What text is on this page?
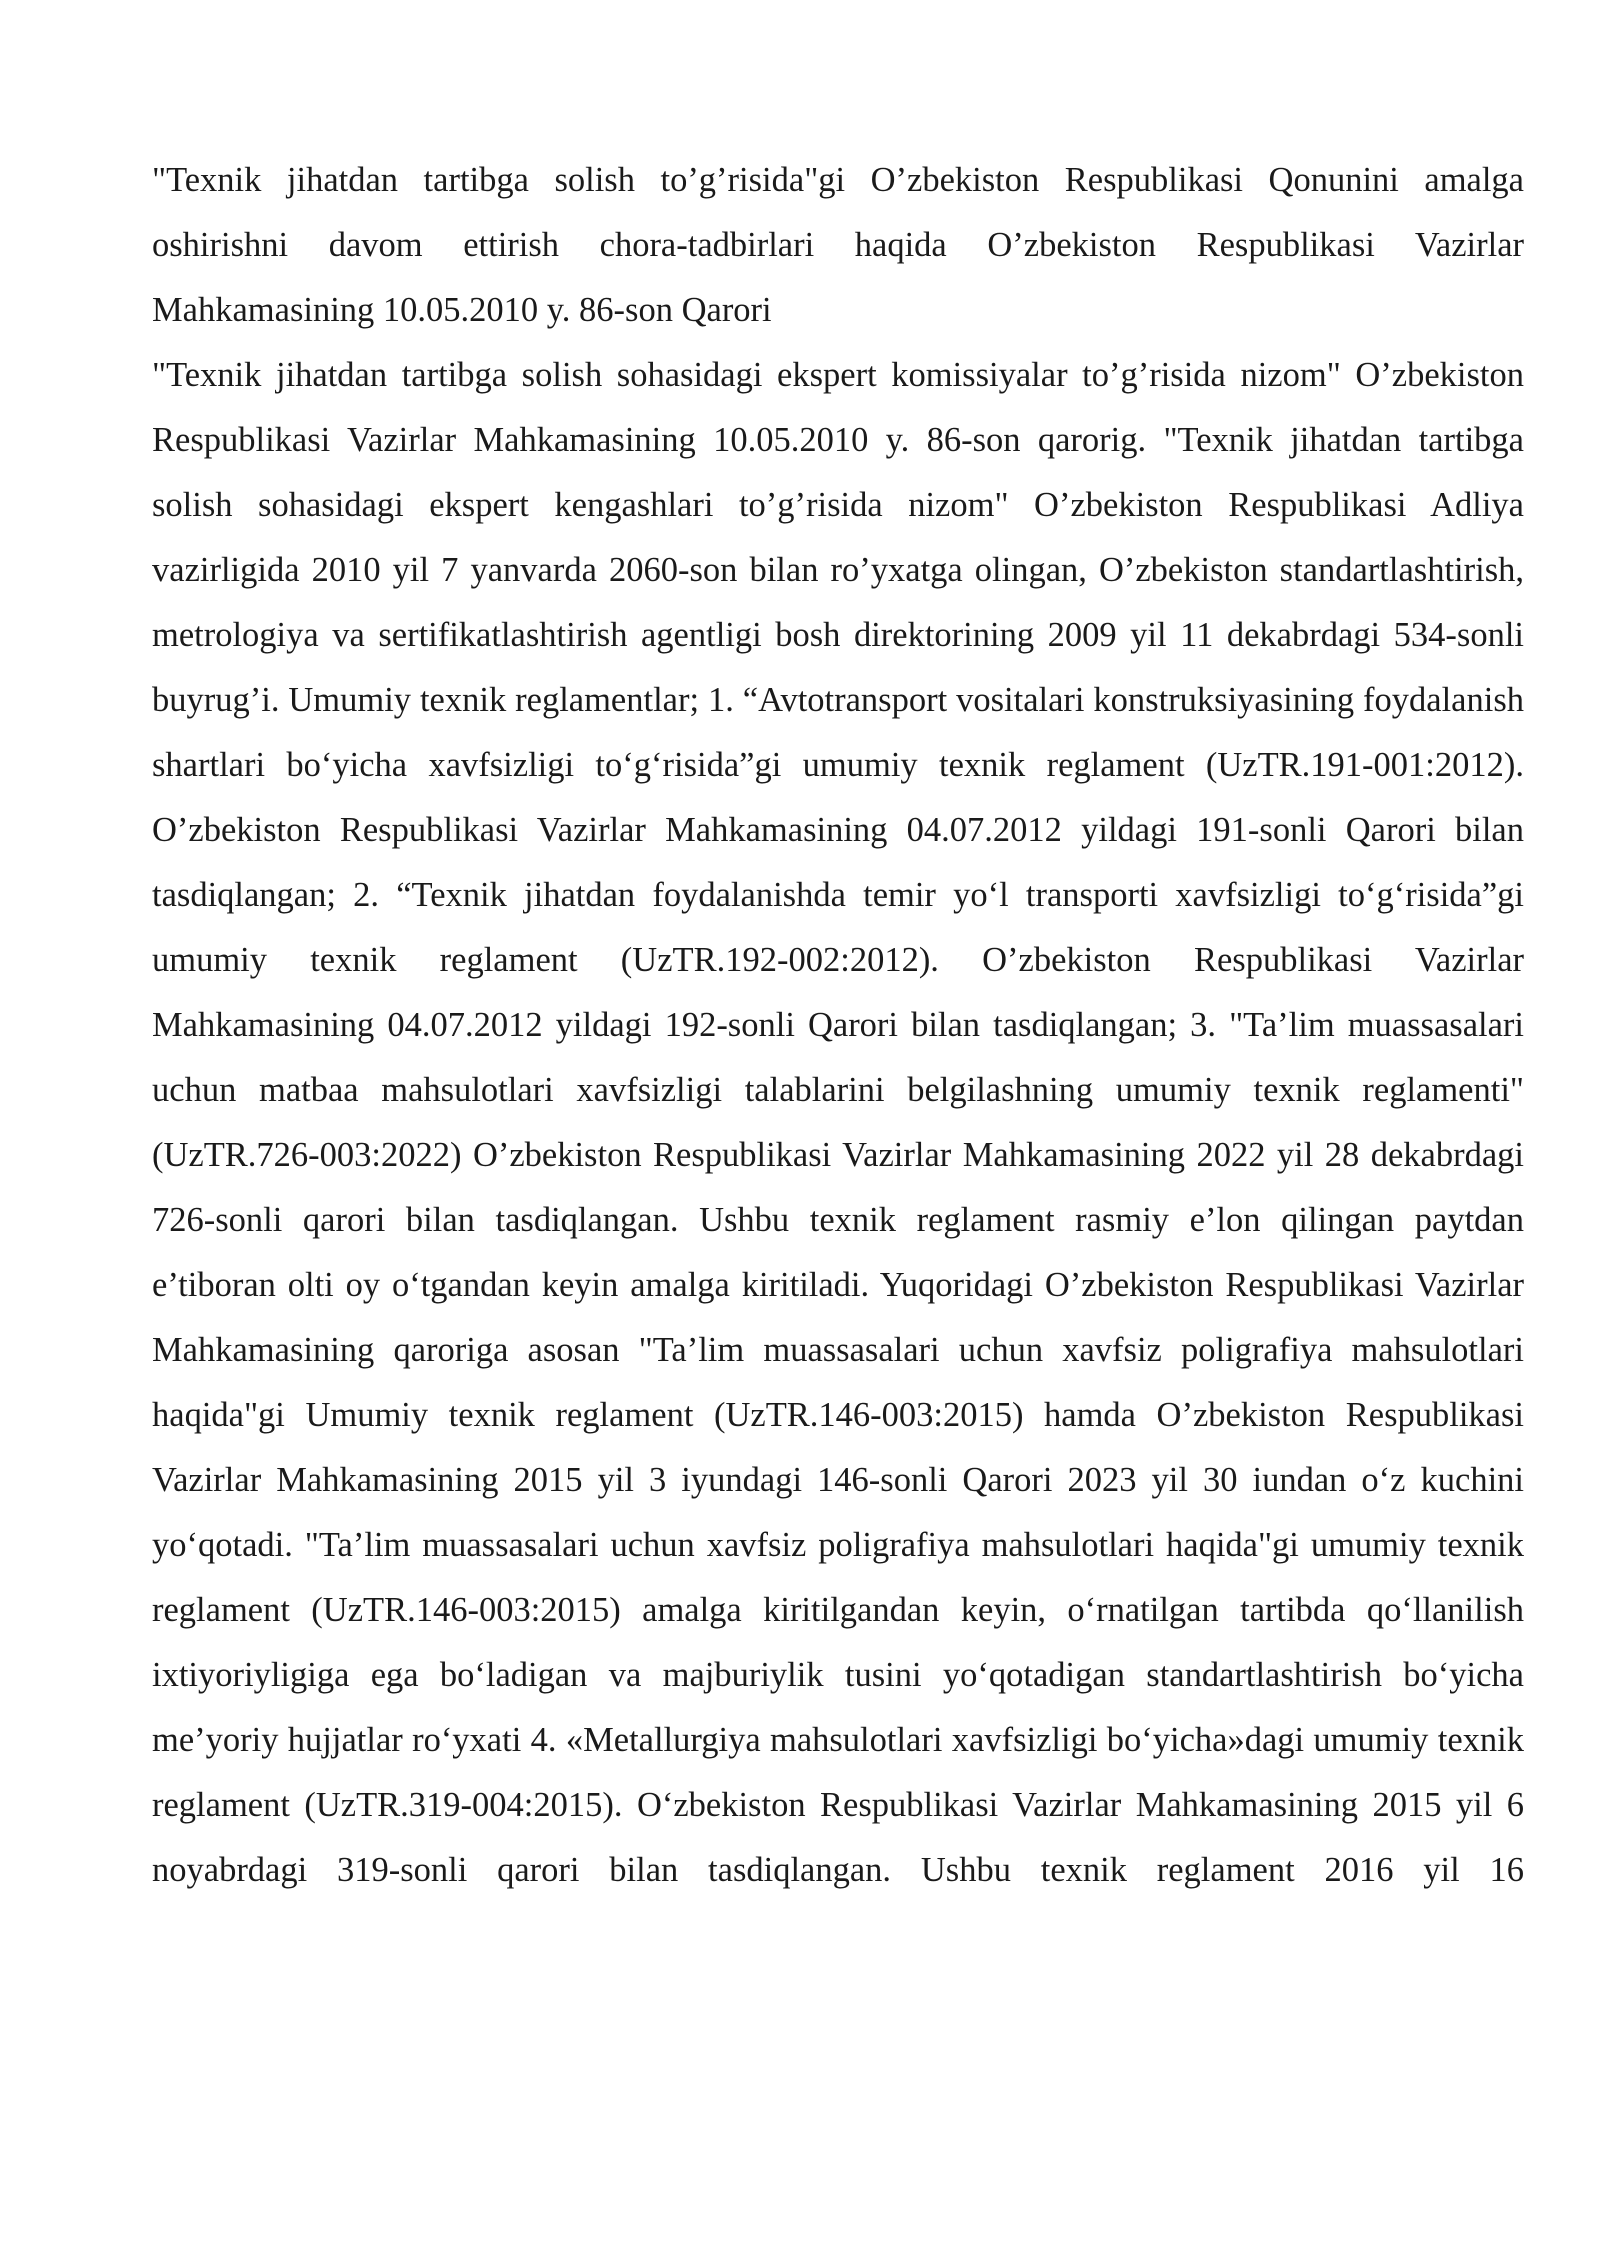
"Texnik jihatdan tartibga solish to’g’risida"gi O’zbekiston Respublikasi Qonunini amalga oshirishni davom ettirish chora-tadbirlari haqida O’zbekiston Respublikasi Vazirlar Mahkamasining 10.05.2010 y. 86-son Qarori

"Texnik jihatdan tartibga solish sohasidagi ekspert komissiyalar to’g’risida nizom" O’zbekiston Respublikasi Vazirlar Mahkamasining 10.05.2010 y. 86-son qarorig. "Texnik jihatdan tartibga solish sohasidagi ekspert kengashlari to’g’risida nizom" O’zbekiston Respublikasi Adliya vazirligida 2010 yil 7 yanvarda 2060-son bilan ro’yxatga olingan, O’zbekiston standartlashtirish, metrologiya va sertifikatlashtirish agentligi bosh direktorining 2009 yil 11 dekabrdagi 534-sonli buyrug’i. Umumiy texnik reglamentlar; 1. “Avtotransport vositalari konstruksiyasining foydalanish shartlari bo‘yicha xavfsizligi to‘g‘risida”gi umumiy texnik reglament (UzTR.191-001:2012). O’zbekiston Respublikasi Vazirlar Mahkamasining 04.07.2012 yildagi 191-sonli Qarori bilan tasdiqlangan; 2. “Texnik jihatdan foydalanishda temir yo‘l transporti xavfsizligi to‘g‘risida”gi umumiy texnik reglament (UzTR.192-002:2012). O’zbekiston Respublikasi Vazirlar Mahkamasining 04.07.2012 yildagi 192-sonli Qarori bilan tasdiqlangan; 3. "Ta’lim muassasalari uchun matbaa mahsulotlari xavfsizligi talablarini belgilashning umumiy texnik reglamenti" (UzTR.726-003:2022) O’zbekiston Respublikasi Vazirlar Mahkamasining 2022 yil 28 dekabrdagi 726-sonli qarori bilan tasdiqlangan. Ushbu texnik reglament rasmiy e’lon qilingan paytdan e’tiboran olti oy o‘tgandan keyin amalga kiritiladi. Yuqoridagi O’zbekiston Respublikasi Vazirlar Mahkamasining qaroriga asosan "Ta’lim muassasalari uchun xavfsiz poligrafiya mahsulotlari haqida"gi Umumiy texnik reglament (UzTR.146-003:2015) hamda O’zbekiston Respublikasi Vazirlar Mahkamasining 2015 yil 3 iyundagi 146-sonli Qarori 2023 yil 30 iundan o‘z kuchini yo‘qotadi. "Ta’lim muassasalari uchun xavfsiz poligrafiya mahsulotlari haqida"gi umumiy texnik reglament (UzTR.146-003:2015) amalga kiritilgandan keyin, o‘rnatilgan tartibda qo‘llanilish ixtiyoriyligiga ega bo‘ladigan va majburiylik tusini yo‘qotadigan standartlashtirish bo‘yicha me’yoriy hujjatlar ro‘yxati 4. «Metallurgiya mahsulotlari xavfsizligi bo‘yicha»dagi umumiy texnik reglament (UzTR.319-004:2015). O‘zbekiston Respublikasi Vazirlar Mahkamasining 2015 yil 6 noyabrdagi 319-sonli qarori bilan tasdiqlangan. Ushbu texnik reglament 2016 yil 16
